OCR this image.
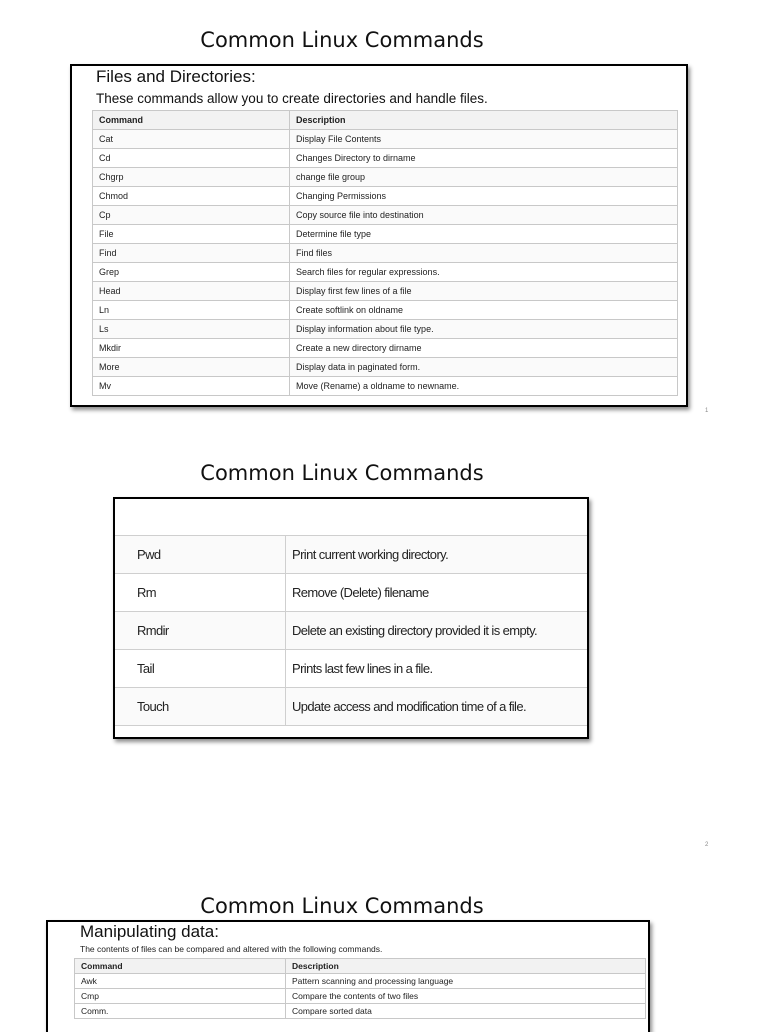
Common Linux Commands
Files and Directories:
These commands allow you to create directories and handle files.
Command	Description
Cat	Display File Contents
Cd	Changes Directory to dirname
Chgrp	change file group
Chmod	Changing Permissions
Cp	Copy source file into destination
File	Determine file type
Find	Find files
Grep	Search files for regular expressions.
Head	Display first few lines of a file
Ln	Create softlink on oldname
Ls	Display information about file type.
Mkdir	Create a new directory dirname
More	Display data in paginated form.
Mv	Move (Rename) a oldname to newname.
1
Common Linux Commands
Pwd	Print current working directory.
Rm	Remove (Delete) filename
Rmdir	Delete an existing directory provided it is empty.
Tail	Prints last few lines in a file.
Touch	Update access and modification time of a file.
2
Common Linux Commands
Manipulating data:
The contents of files can be compared and altered with the following commands.
Command	Description
Awk	Pattern scanning and processing language
Cmp	Compare the contents of two files
Comm.	Compare sorted data
